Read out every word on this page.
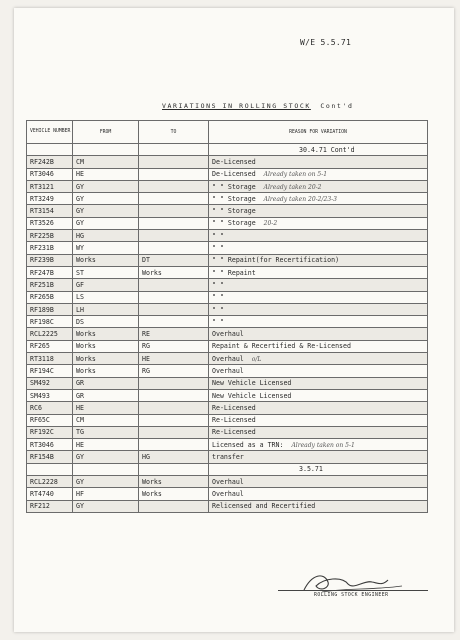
W/E 5.5.71
VARIATIONS IN ROLLING STOCK Cont'd
VEHICLE NUMBER	FROM	TO	REASON FOR VARIATION
			30.4.71 Cont'd
RF242B	CM		De-Licensed
RT3046	HE		De-Licensed Already taken on 5-1
RT3121	GY		" " Storage Already taken 20-2
RT3249	GY		" " Storage Already taken 20-2/23-3
RT3154	GY		" " Storage
RT3526	GY		" " Storage 20-2
RF225B	HG		" "
RF231B	WY		" "
RF239B	Works	DT	" " Repaint(for Recertification)
RF247B	ST	Works	" " Repaint
RF251B	GF		" "
RF265B	LS		" "
RF189B	LH		" "
RF198C	DS		" "
RCL2225	Works	RE	Overhaul
RF265	Works	RG	Repaint & Recertified & Re-Licensed
RT3118	Works	HE	Overhaul o/L
RF194C	Works	RG	Overhaul
SM492	GR		New Vehicle Licensed
SM493	GR		New Vehicle Licensed
RC6	HE		Re-Licensed
RF65C	CM		Re-Licensed
RF192C	TG		Re-Licensed
RT3046	HE		Licensed as a TRN: Already taken on 5-1
RF154B	GY	HG	transfer
			3.5.71
RCL2228	GY	Works	Overhaul
RT4740	HF	Works	Overhaul
RF212	GY		Relicensed and Recertified
ROLLING STOCK ENGINEER
